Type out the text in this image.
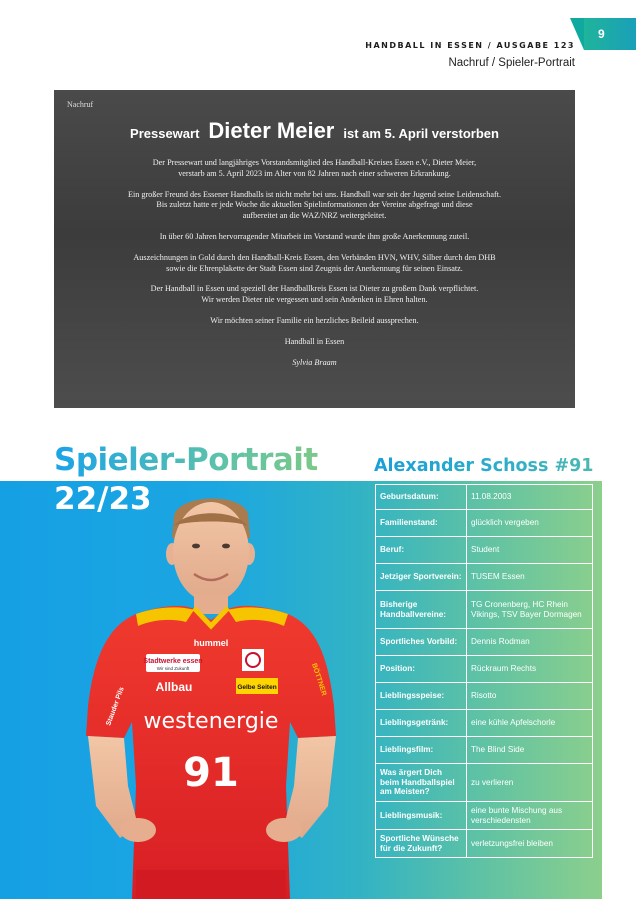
9
HANDBALL IN ESSEN / AUSGABE 123
Nachruf / Spieler-Portrait
Nachruf
Pressewart Dieter Meier ist am 5. April verstorben

Der Pressewart und langjähriges Vorstandsmitglied des Handball-Kreises Essen e.V., Dieter Meier,
verstarb am 5. April 2023 im Alter von 82 Jahren nach einer schweren Erkrankung.

Ein großer Freund des Essener Handballs ist nicht mehr bei uns. Handball war seit der Jugend seine Leidenschaft.
Bis zuletzt hatte er jede Woche die aktuellen Spielinformationen der Vereine abgefragt und diese
aufbereitet an die WAZ/NRZ weitergeleitet.

In über 60 Jahren hervorragender Mitarbeit im Vorstand wurde ihm große Anerkennung zuteil.

Auszeichnungen in Gold durch den Handball-Kreis Essen, den Verbänden HVN, WHV, Silber durch den DHB
sowie die Ehrenplakette der Stadt Essen sind Zeugnis der Anerkennung für seinen Einsatz.

Der Handball in Essen und speziell der Handballkreis Essen ist Dieter zu großem Dank verpflichtet.
Wir werden Dieter nie vergessen und sein Andenken in Ehren halten.

Wir möchten seiner Familie ein herzliches Beileid aussprechen.

Handball in Essen

Sylvia Braam

Spieler-Portrait
22/23
Alexander Schoss #91
hummel
Stadtwerke essen
Wir sind Zukunft
Allbau	Gelbe Seiten
westenergie
91
Stauder Pils
BÖTTNER
Geburtsdatum:	11.08.2003
Familienstand:	glücklich vergeben
Beruf:	Student
Jetziger Sportverein:	TUSEM Essen
Bisherige Handballvereine:	TG Cronenberg, HC Rhein Vikings, TSV Bayer Dormagen
Sportliches Vorbild:	Dennis Rodman
Position:	Rückraum Rechts
Lieblingsspeise:	Risotto
Lieblingsgetränk:	eine kühle Apfelschorle
Lieblingsfilm:	The Blind Side
Was ärgert Dich beim Handballspiel am Meisten?	zu verlieren
Lieblingsmusik:	eine bunte Mischung aus verschiedensten
Sportliche Wünsche für die Zukunft?	verletzungsfrei bleiben
